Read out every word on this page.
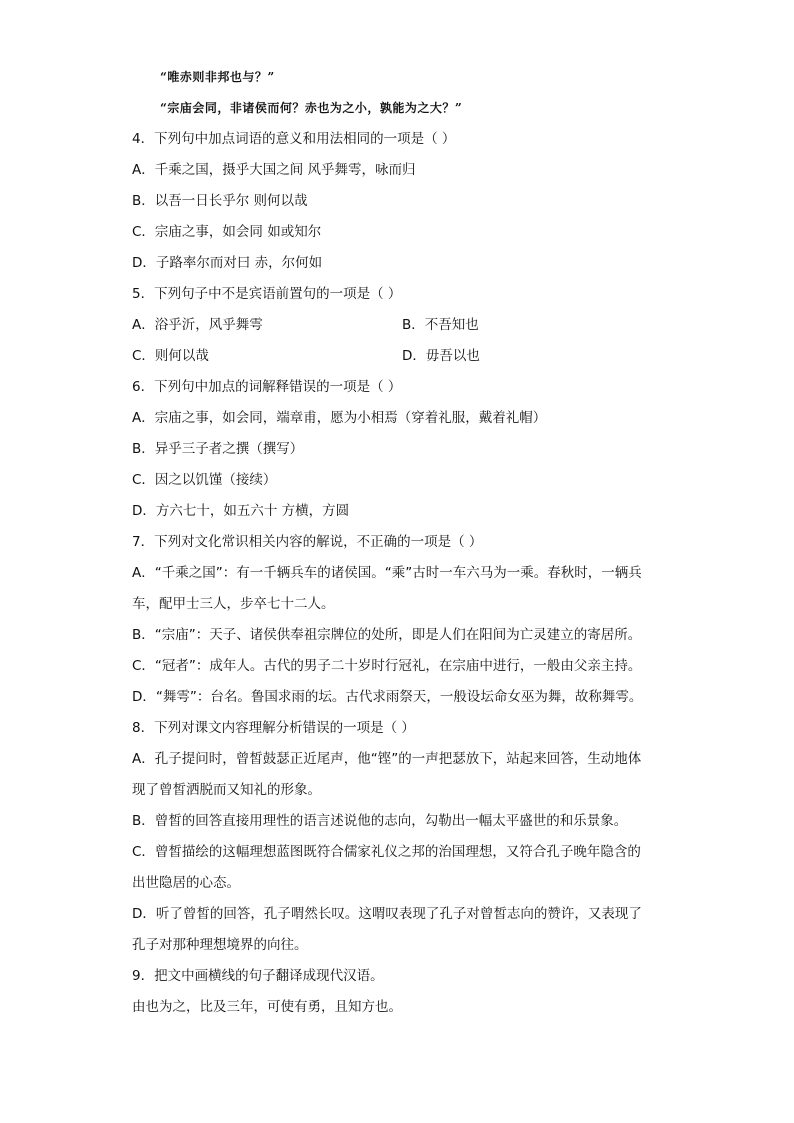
“唯赤则非邦也与？”
“宗庙会同，非诸侯而何？赤也为之小，孰能为之大？”
4．下列句中加点词语的意义和用法相同的一项是（ ）
A．千乘之国，摄乎大国之间 风乎舞雩，咏而归
B．以吾一日长乎尔 则何以哉
C．宗庙之事，如会同 如或知尔
D．子路率尔而对曰 赤，尔何如
5．下列句子中不是宾语前置句的一项是（ ）
A．浴乎沂，风乎舞雩	B．不吾知也
C．则何以哉	D．毋吾以也
6．下列句中加点的词解释错误的一项是（ ）
A．宗庙之事，如会同，端章甫，愿为小相焉（穿着礼服，戴着礼帽）
B．异乎三子者之撰（撰写）
C．因之以饥馑（接续）
D．方六七十，如五六十 方横，方圆
7．下列对文化常识相关内容的解说，不正确的一项是（ ）
A．“千乘之国”：有一千辆兵车的诸侯国。“乘”古时一车六马为一乘。春秋时，一辆兵
车，配甲士三人，步卒七十二人。
B．“宗庙”：天子、诸侯供奉祖宗牌位的处所，即是人们在阳间为亡灵建立的寄居所。
C．“冠者”：成年人。古代的男子二十岁时行冠礼，在宗庙中进行，一般由父亲主持。
D．“舞雩”：台名。鲁国求雨的坛。古代求雨祭天，一般设坛命女巫为舞，故称舞雩。
8．下列对课文内容理解分析错误的一项是（ ）
A．孔子提问时，曾皙鼓瑟正近尾声，他“铿”的一声把瑟放下，站起来回答，生动地体
现了曾皙洒脱而又知礼的形象。
B．曾皙的回答直接用理性的语言述说他的志向，勾勒出一幅太平盛世的和乐景象。
C．曾皙描绘的这幅理想蓝图既符合儒家礼仪之邦的治国理想，又符合孔子晚年隐含的
出世隐居的心态。
D．听了曾皙的回答，孔子喟然长叹。这喟叹表现了孔子对曾皙志向的赞许，又表现了
孔子对那种理想境界的向往。
9．把文中画横线的句子翻译成现代汉语。
由也为之，比及三年，可使有勇，且知方也。
